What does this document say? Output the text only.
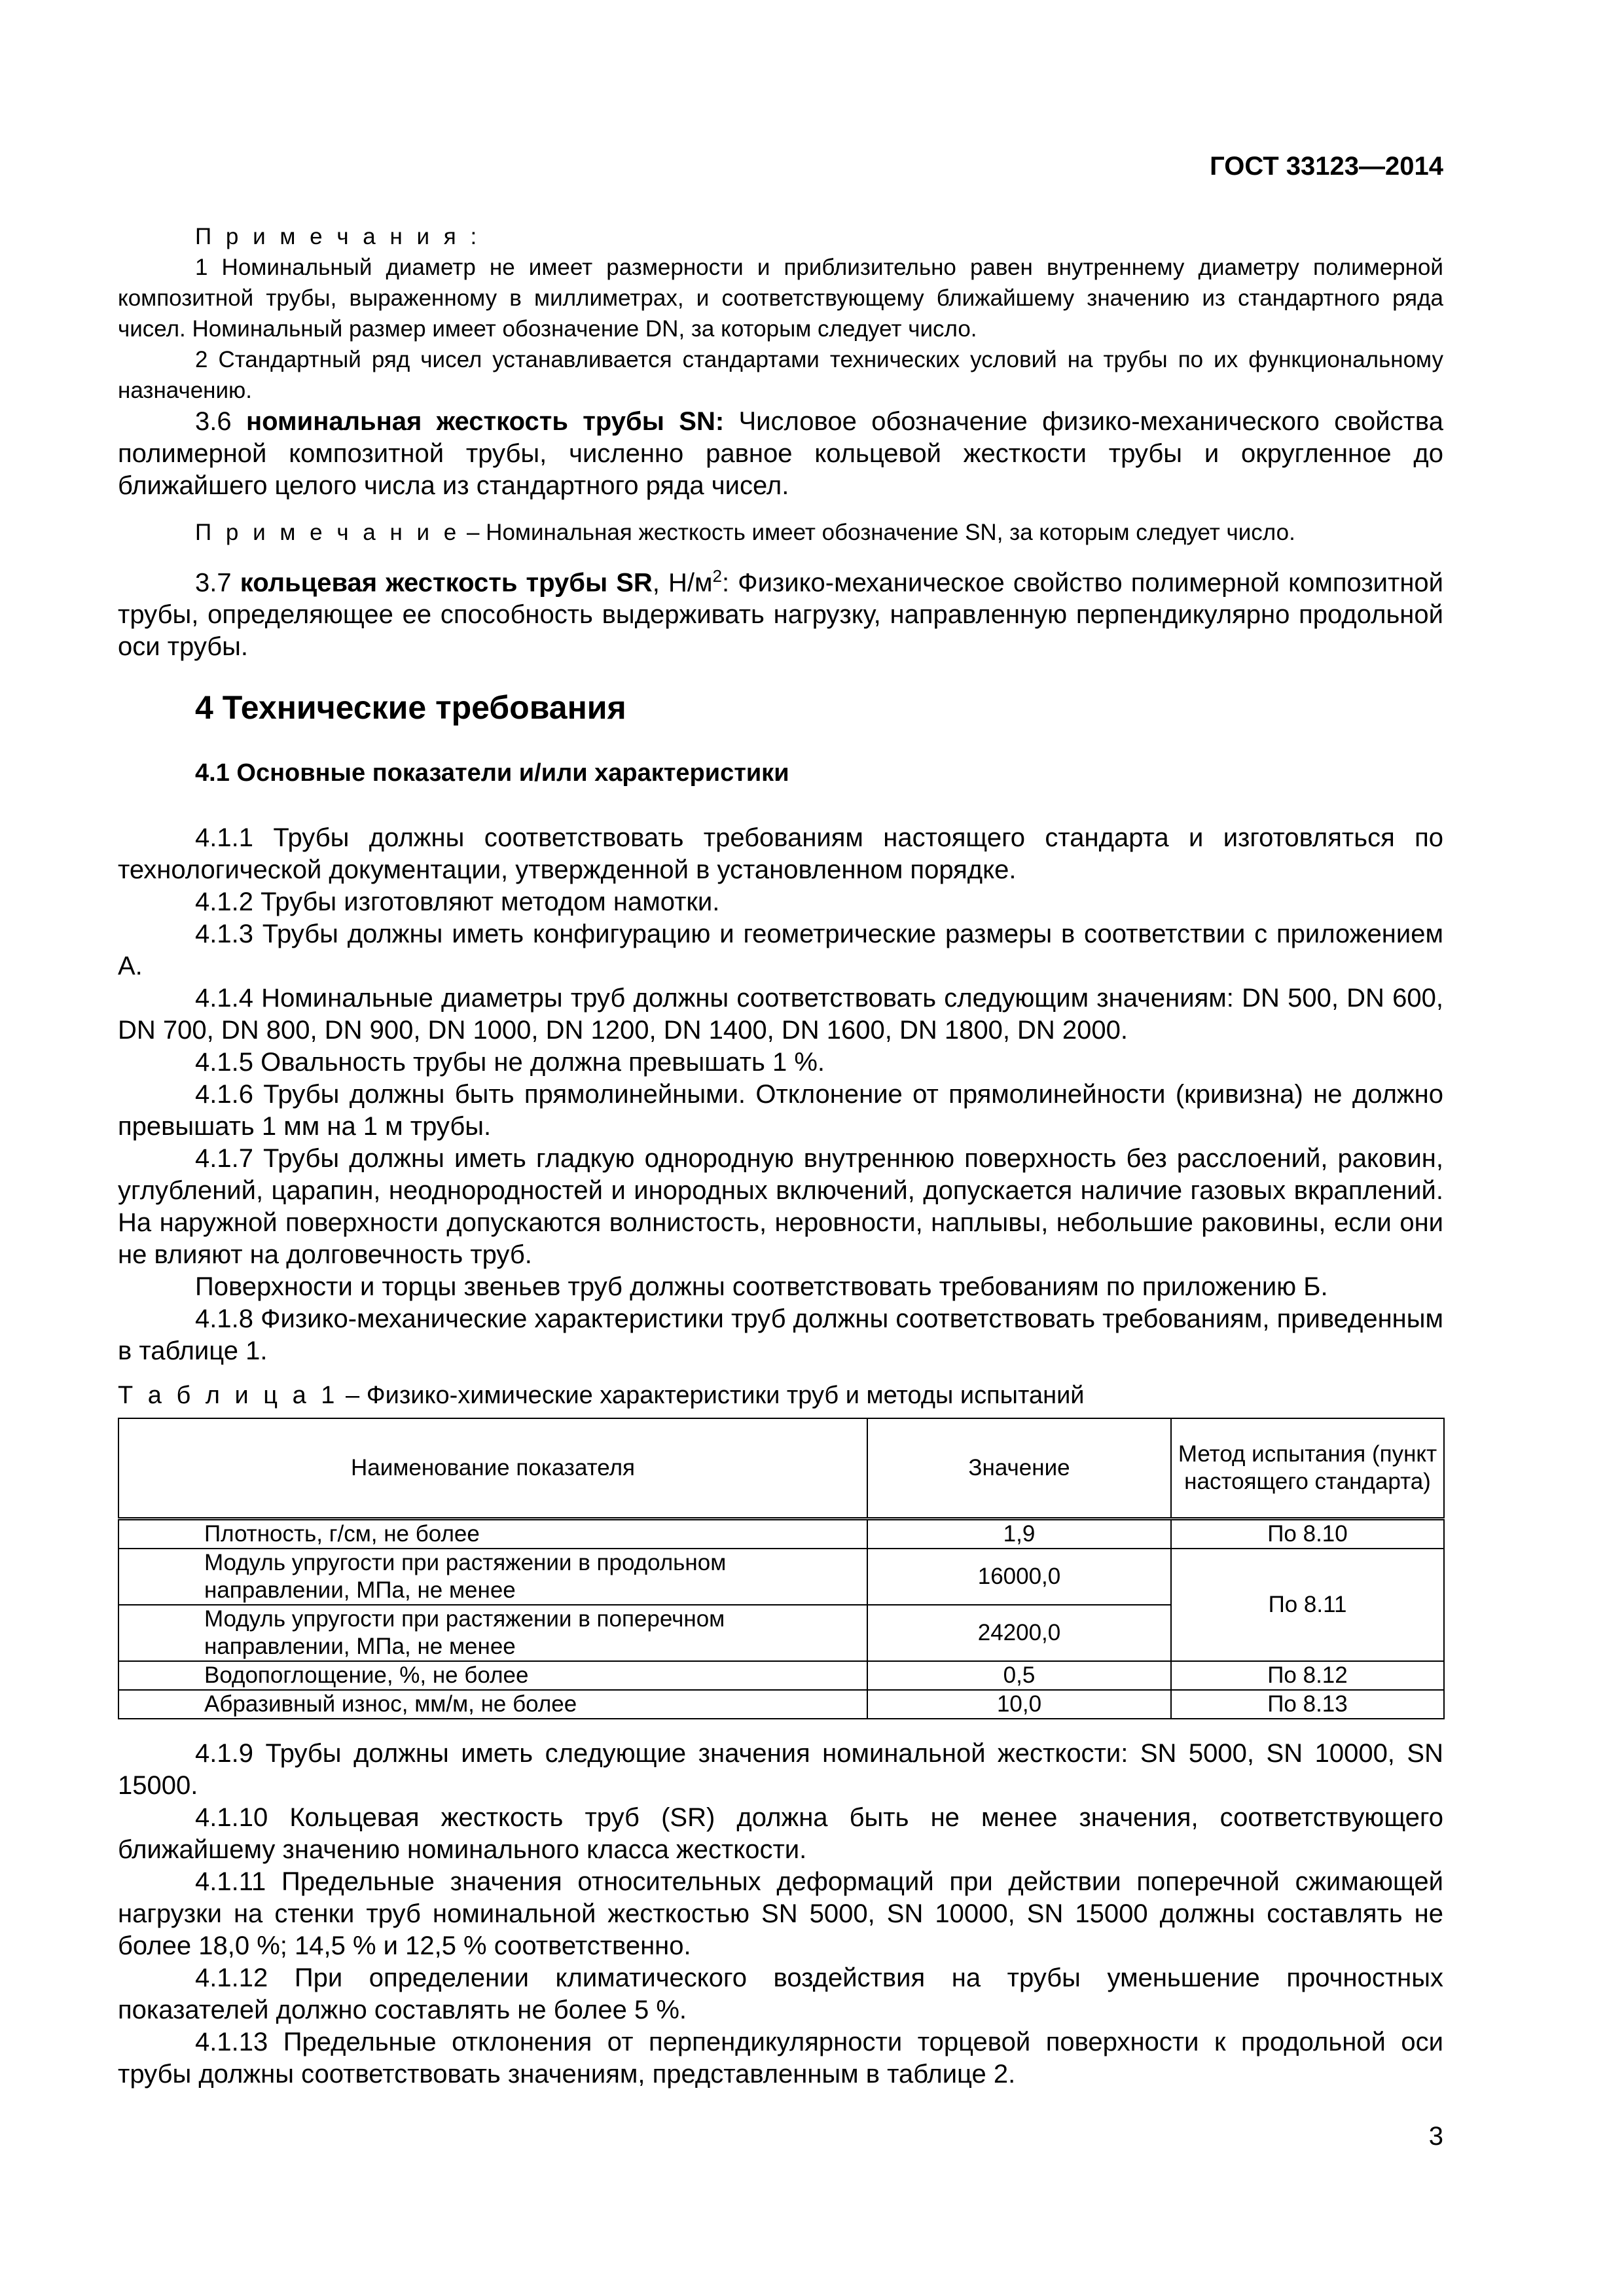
ГОСТ 33123—2014

П р и м е ч а н и я :

1 Номинальный диаметр не имеет размерности и приблизительно равен внутреннему диаметру полимерной композитной трубы, выраженному в миллиметрах, и соответствующему ближайшему значению из стандартного ряда чисел. Номинальный размер имеет обозначение DN, за которым следует число.

2 Стандартный ряд чисел устанавливается стандартами технических условий на трубы по их функциональному назначению.

3.6 номинальная жесткость трубы SN: Числовое обозначение физико-механического свойства полимерной композитной трубы, численно равное кольцевой жесткости трубы и округленное до ближайшего целого числа из стандартного ряда чисел.

П р и м е ч а н и е – Номинальная жесткость имеет обозначение SN, за которым следует число.

3.7 кольцевая жесткость трубы SR, $Н/м^2$: Физико-механическое свойство полимерной композитной трубы, определяющее ее способность выдерживать нагрузку, направленную перпендикулярно продольной оси трубы.

4 Технические требования
4.1 Основные показатели и/или характеристики

4.1.1 Трубы должны соответствовать требованиям настоящего стандарта и изготовляться по технологической документации, утвержденной в установленном порядке.

4.1.2 Трубы изготовляют методом намотки.

4.1.3 Трубы должны иметь конфигурацию и геометрические размеры в соответствии с приложением А.

4.1.4 Номинальные диаметры труб должны соответствовать следующим значениям: DN 500, DN 600, DN 700, DN 800, DN 900, DN 1000, DN 1200, DN 1400, DN 1600, DN 1800, DN 2000.

4.1.5 Овальность трубы не должна превышать 1 %.

4.1.6 Трубы должны быть прямолинейными. Отклонение от прямолинейности (кривизна) не должно превышать 1 мм на 1 м трубы.

4.1.7 Трубы должны иметь гладкую однородную внутреннюю поверхность без расслоений, раковин, углублений, царапин, неоднородностей и инородных включений, допускается наличие газовых вкраплений. На наружной поверхности допускаются волнистость, неровности, наплывы, небольшие раковины, если они не влияют на долговечность труб.

Поверхности и торцы звеньев труб должны соответствовать требованиям по приложению Б.

4.1.8 Физико-механические характеристики труб должны соответствовать требованиям, приведенным в таблице 1.

Т а б л и ц а 1 – Физико-химические характеристики труб и методы испытаний
Наименование показателя	Значение	Метод испытания (пункт настоящего стандарта)
Плотность, г/см, не более	1,9	По 8.10
Модуль упругости при растяжении в продольном направлении, МПа, не менее	16000,0	По 8.11
Модуль упругости при растяжении в поперечном направлении, МПа, не менее	24200,0	
Водопоглощение, %, не более	0,5	По 8.12
Абразивный износ, мм/м, не более	10,0	По 8.13

4.1.9 Трубы должны иметь следующие значения номинальной жесткости: SN 5000, SN 10000, SN 15000.

4.1.10 Кольцевая жесткость труб (SR) должна быть не менее значения, соответствующего ближайшему значению номинального класса жесткости.

4.1.11 Предельные значения относительных деформаций при действии поперечной сжимающей нагрузки на стенки труб номинальной жесткостью SN 5000, SN 10000, SN 15000 должны составлять не более 18,0 %; 14,5 % и 12,5 % соответственно.

4.1.12 При определении климатического воздействия на трубы уменьшение прочностных показателей должно составлять не более 5 %.

4.1.13 Предельные отклонения от перпендикулярности торцевой поверхности к продольной оси трубы должны соответствовать значениям, представленным в таблице 2.

3
